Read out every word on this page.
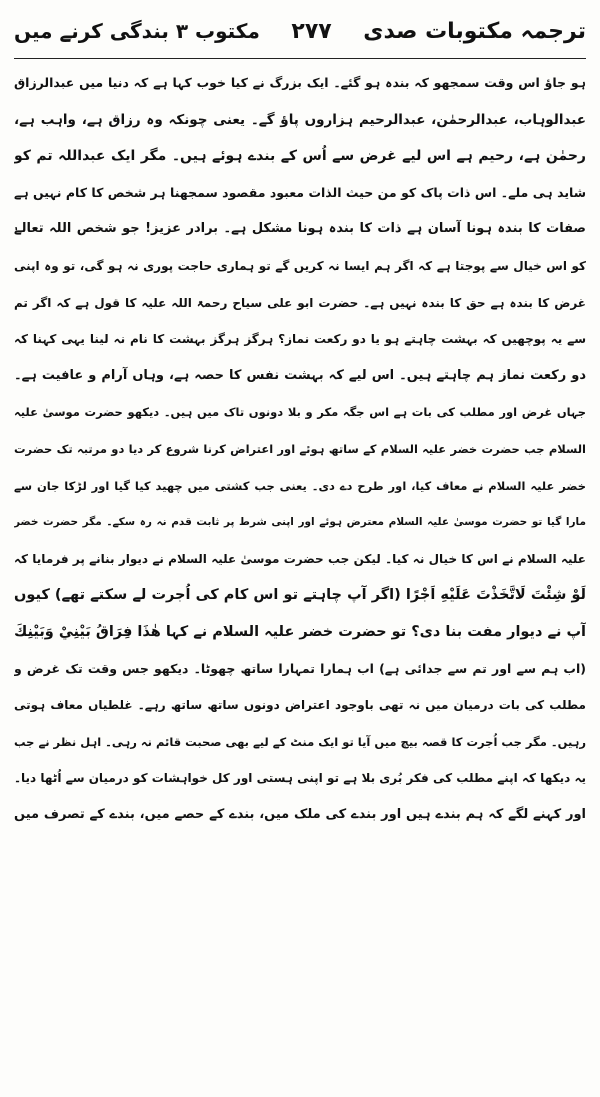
ترجمہ مکتوبات صدی
۲۷۷
مکتوب ۳ بندگی کرنے میں
ہو جاؤ اس وقت سمجھو کہ بندہ ہو گئے۔ ایک بزرگ نے کیا خوب کہا ہے کہ دنیا میں عبدالرزاق
عبدالوہاب، عبدالرحمٰن، عبدالرحیم ہزاروں پاؤ گے۔ یعنی چونکہ وہ رزاق ہے، واہب ہے،
رحمٰن ہے، رحیم ہے اس لیے غرض سے اُس کے بندے ہوئے ہیں۔ مگر ایک عبداللہ تم کو
شاید ہی ملے۔ اس ذات پاک کو من حیث الذات معبود مقصود سمجھنا ہر شخص کا کام نہیں ہے
صفات کا بندہ ہونا آسان ہے ذات کا بندہ ہونا مشکل ہے۔ برادر عزیز! جو شخص اللہ تعالےٰ
کو اس خیال سے پوجتا ہے کہ اگر ہم ایسا نہ کریں گے تو ہماری حاجت پوری نہ ہو گی، تو وہ اپنی
غرض کا بندہ ہے حق کا بندہ نہیں ہے۔ حضرت ابو علی سیاح رحمۃ اللہ علیہ کا قول ہے کہ اگر تم
سے یہ پوچھیں کہ بہشت چاہتے ہو یا دو رکعت نماز؟ ہرگز ہرگز بہشت کا نام نہ لینا یہی کہنا کہ
دو رکعت نماز ہم چاہتے ہیں۔ اس لیے کہ بہشت نفس کا حصہ ہے، وہاں آرام و عافیت ہے۔
جہاں غرض اور مطلب کی بات ہے اس جگہ مکر و بلا دونوں تاک میں ہیں۔ دیکھو حضرت موسیٰ علیہ
السلام جب حضرت خضر علیہ السلام کے ساتھ ہوئے اور اعتراض کرنا شروع کر دیا دو مرتبہ تک حضرت
خضر علیہ السلام نے معاف کیا، اور طرح دے دی۔ یعنی جب کشتی میں چھید کیا گیا اور لڑکا جان سے
مارا گیا تو حضرت موسیٰ علیہ السلام معترض ہوئے اور اپنی شرط پر ثابت قدم نہ رہ سکے۔ مگر حضرت خضر
علیہ السلام نے اس کا خیال نہ کیا۔ لیکن جب حضرت موسیٰ علیہ السلام نے دیوار بنانے پر فرمایا کہ
لَوْ شِئْتَ لَاتَّخَذْتَ عَلَيْهِ اَجْرًا (اگر آپ چاہتے تو اس کام کی اُجرت لے سکتے تھے) کیوں
آپ نے دیوار مفت بنا دی؟ تو حضرت خضر علیہ السلام نے کہا ھٰذَا فِرَاقُ بَيْنِيْ وَبَيْنِكَ
(اب ہم سے اور تم سے جدائی ہے) اب ہمارا تمہارا ساتھ چھوٹا۔ دیکھو جس وقت تک غرض و
مطلب کی بات درمیان میں نہ تھی باوجود اعتراض دونوں ساتھ ساتھ رہے۔ غلطیاں معاف ہوتی
رہیں۔ مگر جب اُجرت کا قصہ بیچ میں آیا تو ایک منٹ کے لیے بھی صحبت قائم نہ رہی۔ اہل نظر نے جب
یہ دیکھا کہ اپنے مطلب کی فکر بُری بلا ہے تو اپنی ہستی اور کل خواہشات کو درمیان سے اُٹھا دیا۔
اور کہنے لگے کہ ہم بندے ہیں اور بندے کی ملک میں، بندے کے حصے میں، بندے کے تصرف میں
